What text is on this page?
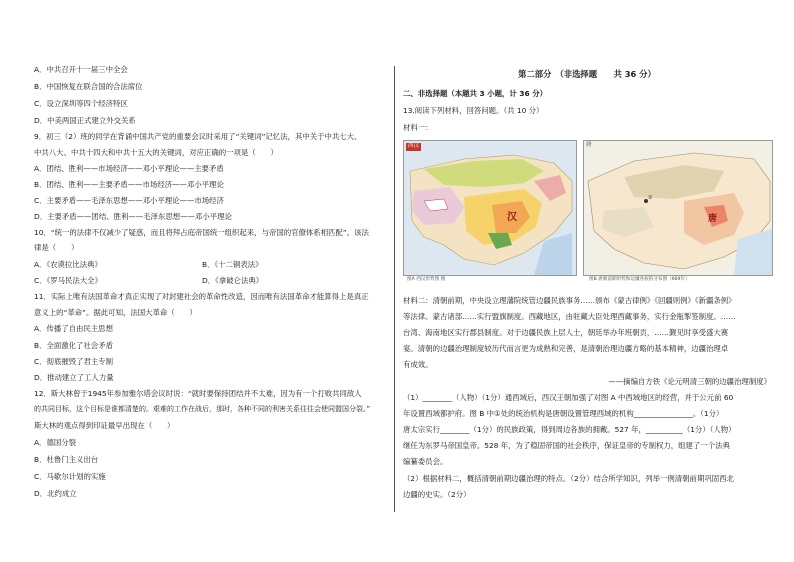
A．中共召开十一届三中全会
B．中国恢复在联合国的合法席位
C．设立深圳等四个经济特区
D．中美两国正式建立外交关系
9．初三（2）班的同学在背诵中国共产党的重要会议时采用了“关键词”记忆法，其中关于中共七大、
中共八大、中共十四大和中共十五大的关键词，对应正确的一项是（　　）
A．团结、胜利——市场经济——邓小平理论——主要矛盾
B．团结、胜利——主要矛盾——市场经济——邓小平理论
C．主要矛盾——毛泽东思想——邓小平理论——市场经济
D．主要矛盾——团结、胜利——毛泽东思想——邓小平理论
10．“统一的法律不仅减少了疑惑，而且将拜占庭帝国统一组织起来，与帝国的官僚体系相匹配”。该法
律是（　　）
A．《农谟拉比法典》	B．《十二铜表法》
C．《罗马民法大全》	D．《拿破仑法典》
11．实际上唯有法国革命才真正实现了对封建社会的革命性改造，因而唯有法国革命才能算得上是真正
意义上的“革命”。据此可知，法国大革命（　　）
A．传播了自由民主思想
B．全面激化了社会矛盾
C．彻底摧毁了君主专制
D．推动建立了工人力量
12．斯大林曾于1945年参加雅尔塔会议时说：“就时要保持团结并不太难，因为有一个打败共同敌人
的共同目标，这个目标是谁都清楚的。艰难的工作在战后，那时，各种不同的利害关系往往会使同盟国分裂。”
斯大林的观点得到印证最早出现在（　　）
A．德国分裂
B．杜鲁门主义出台
C．马歇尔计划的实施
D．北约成立
第二部分　（非选择题　　共 36 分）
二、非选择题（本题共 3 小题，计 36 分）
13.阅读下列材料，回答问题。（共 10 分）
材料一：
西汉
汉
①
唐
唐
图A 西汉形势图 图	图B 唐朝前期形势和边疆各族的分布图（669年）
材料二：清朝前期，中央设立理藩院统管边疆民族事务……颁布《蒙古律例》《回疆则例》《新疆条例》
等法律。蒙古诸部……实行盟旗制度。西藏地区，由驻藏大臣处理西藏事务，实行金瓶掣签制度。……
台湾、海南地区实行郡县制度。对于边疆民族上层人士，朝廷举办年班朝贡，……觐见时享受盛大赛
宴。清朝的边疆治理制度较历代而言更为成熟和完善，是清朝治理边疆方略的基本精神，边疆治理卓
有成效。
——摘编自方铁《论元明清三朝的边疆治理制度》
（1）________（人物）（1分）通西域后，西汉王朝加强了对图 A 中西域地区的经营，并于公元前 60
年设置西域都护府。图 B 中①处的统治机构是唐朝设置管理西域的机构________________。（1分）
唐太宗实行________（1分）的民族政策，得到周边各族的拥戴。527 年，__________（1分）（人物）
继任为东罗马帝国皇帝。528 年，为了稳固帝国的社会秩序，保证皇帝的专制权力，组建了一个法典
编纂委员会。
（2）根据材料二，概括清朝前期边疆治理的特点。（2分）结合所学知识，列举一例清朝前期巩固西北
边疆的史实。（2分）
